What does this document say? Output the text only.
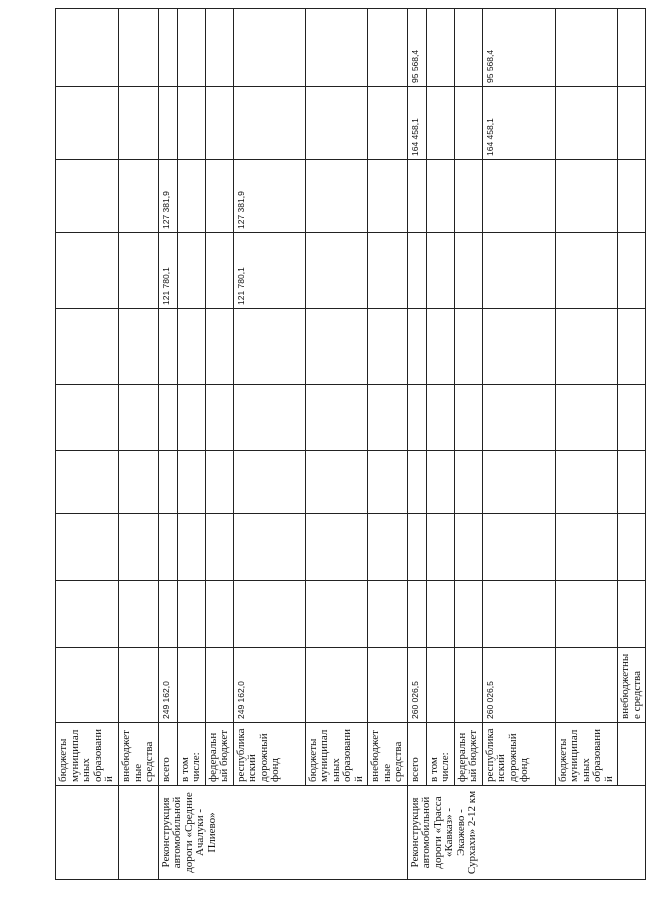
	бюджеты муниципальных образований											
	внебюджетные средства											
Реконструкция автомобильной дороги «Средние Ачалуки - Плиево»	всего	249 162,0						121 780,1	127 381,9			
	в том числе:											
	федеральный бюджет											
	республиканский дорожный фонд	249 162,0						121 780,1	127 381,9			
	бюджеты муниципальных образований											
	внебюджетные средства											
Реконструкция автомобильной дороги «Трасса «Кавказ» - Экажево - Сурхахи» 2-12 км	всего	260 026,5								164 458,1	95 568,4	
	в том числе:											
	федеральный бюджет											
	республиканский дорожный фонд	260 026,5								164 458,1	95 568,4	
	бюджеты муниципальных образований											
		внебюджетные средства										
